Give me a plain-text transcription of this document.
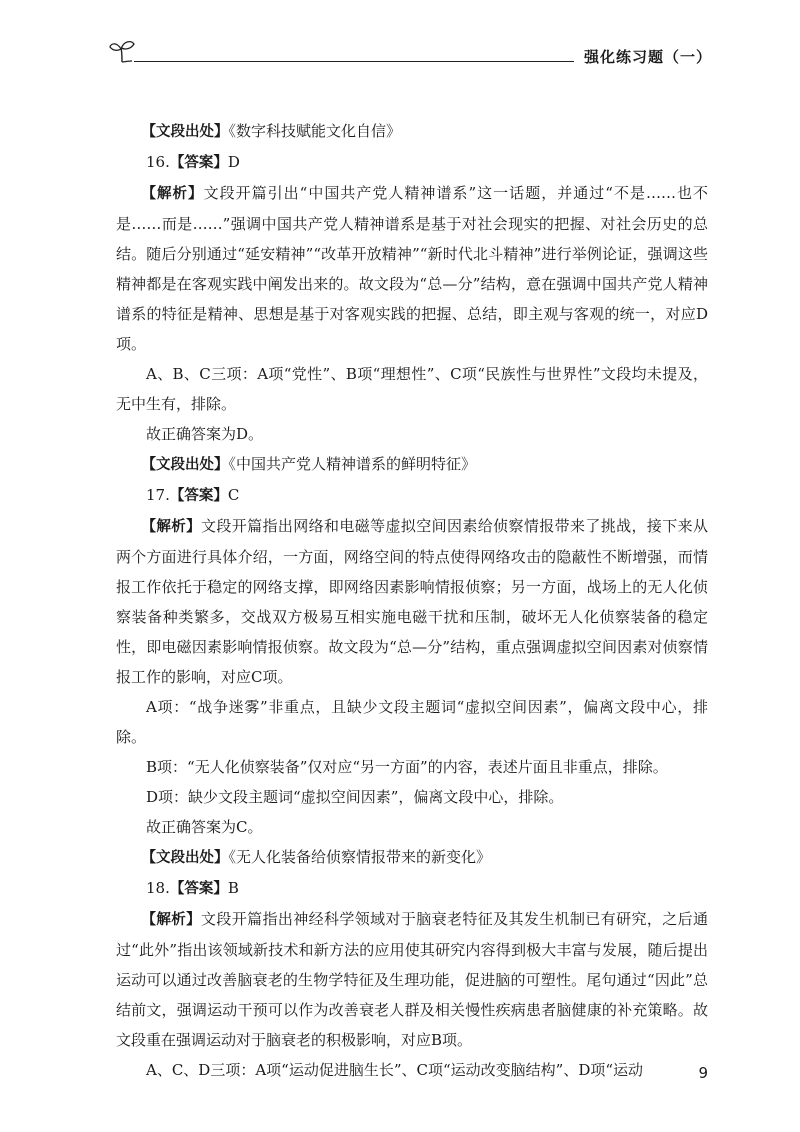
强化练习题（一）

【文段出处】《数字科技赋能文化自信》

16.【答案】D

【解析】文段开篇引出“中国共产党人精神谱系”这一话题，并通过“不是……也不是……而是……”强调中国共产党人精神谱系是基于对社会现实的把握、对社会历史的总结。随后分别通过“延安精神”“改革开放精神”“新时代北斗精神”进行举例论证，强调这些精神都是在客观实践中阐发出来的。故文段为“总—分”结构，意在强调中国共产党人精神谱系的特征是精神、思想是基于对客观实践的把握、总结，即主观与客观的统一，对应D项。

A、B、C三项：A项“党性”、B项“理想性”、C项“民族性与世界性”文段均未提及，无中生有，排除。

故正确答案为D。

【文段出处】《中国共产党人精神谱系的鲜明特征》

17.【答案】C

【解析】文段开篇指出网络和电磁等虚拟空间因素给侦察情报带来了挑战，接下来从两个方面进行具体介绍，一方面，网络空间的特点使得网络攻击的隐蔽性不断增强，而情报工作依托于稳定的网络支撑，即网络因素影响情报侦察；另一方面，战场上的无人化侦察装备种类繁多，交战双方极易互相实施电磁干扰和压制，破坏无人化侦察装备的稳定性，即电磁因素影响情报侦察。故文段为“总—分”结构，重点强调虚拟空间因素对侦察情报工作的影响，对应C项。

A项：“战争迷雾”非重点，且缺少文段主题词“虚拟空间因素”，偏离文段中心，排除。

B项：“无人化侦察装备”仅对应“另一方面”的内容，表述片面且非重点，排除。

D项：缺少文段主题词“虚拟空间因素”，偏离文段中心，排除。

故正确答案为C。

【文段出处】《无人化装备给侦察情报带来的新变化》

18.【答案】B

【解析】文段开篇指出神经科学领域对于脑衰老特征及其发生机制已有研究，之后通过“此外”指出该领域新技术和新方法的应用使其研究内容得到极大丰富与发展，随后提出运动可以通过改善脑衰老的生物学特征及生理功能，促进脑的可塑性。尾句通过“因此”总结前文，强调运动干预可以作为改善衰老人群及相关慢性疾病患者脑健康的补充策略。故文段重在强调运动对于脑衰老的积极影响，对应B项。

A、C、D三项：A项“运动促进脑生长”、C项“运动改变脑结构”、D项“运动	9
